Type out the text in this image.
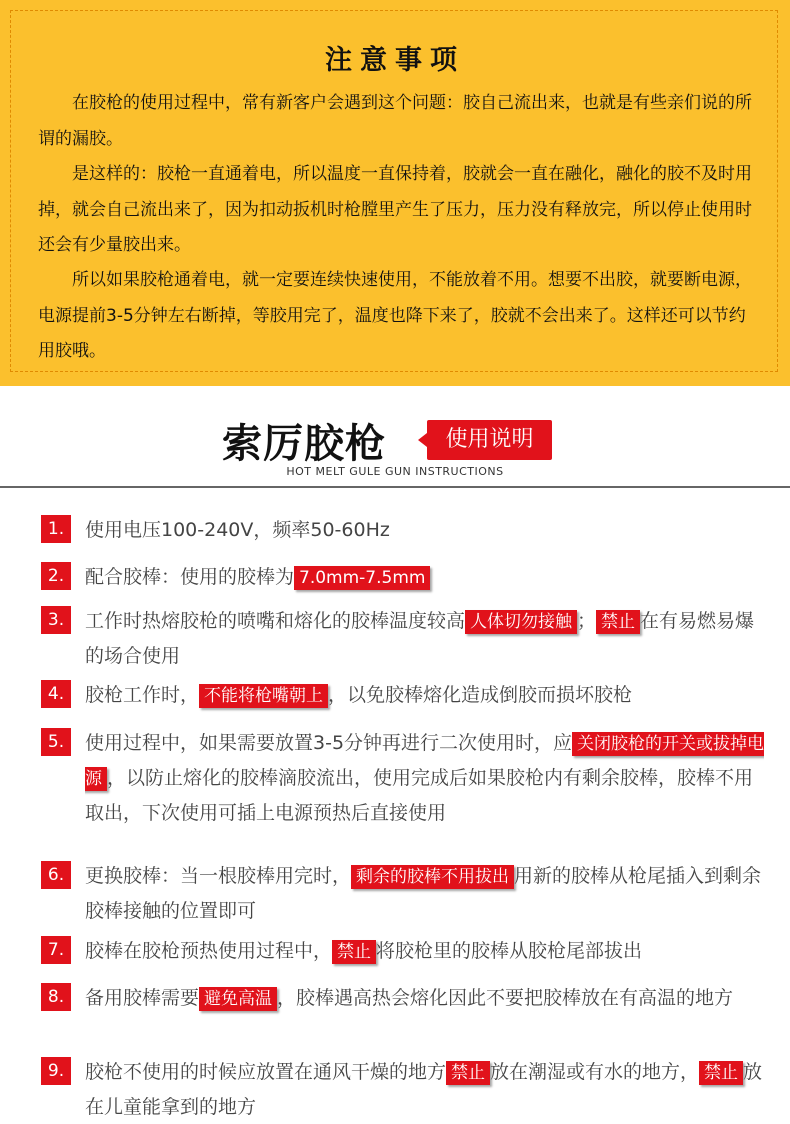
注意事项

在胶枪的使用过程中，常有新客户会遇到这个问题：胶自己流出来，也就是有些亲们说的所谓的漏胶。

是这样的：胶枪一直通着电，所以温度一直保持着，胶就会一直在融化，融化的胶不及时用掉，就会自己流出来了，因为扣动扳机时枪膛里产生了压力，压力没有释放完，所以停止使用时还会有少量胶出来。

所以如果胶枪通着电，就一定要连续快速使用，不能放着不用。想要不出胶，就要断电源，电源提前3-5分钟左右断掉，等胶用完了，温度也降下来了，胶就不会出来了。这样还可以节约用胶哦。

索厉胶枪	使用说明
HOT MELT GULE GUN INSTRUCTIONS
1.	使用电压100-240V，频率50-60Hz

2.	配合胶棒：使用的胶棒为 7.0mm-7.5mm

3.	工作时热熔胶枪的喷嘴和熔化的胶棒温度较高 人体切勿接触 ； 禁止 在有易燃易爆的场合使用

4.	胶枪工作时， 不能将枪嘴朝上 ，以免胶棒熔化造成倒胶而损坏胶枪

5.	使用过程中，如果需要放置3-5分钟再进行二次使用时，应 关闭胶枪的开关或拔掉电源 ，以防止熔化的胶棒滴胶流出，使用完成后如果胶枪内有剩余胶棒，胶棒不用取出，下次使用可插上电源预热后直接使用

6.	更换胶棒：当一根胶棒用完时， 剩余的胶棒不用拔出 用新的胶棒从枪尾插入到剩余胶棒接触的位置即可

7.	胶棒在胶枪预热使用过程中， 禁止 将胶枪里的胶棒从胶枪尾部拔出

8.	备用胶棒需要 避免高温 ，胶棒遇高热会熔化因此不要把胶棒放在有高温的地方

9.	胶枪不使用的时候应放置在通风干燥的地方 禁止 放在潮湿或有水的地方， 禁止 放在儿童能拿到的地方
